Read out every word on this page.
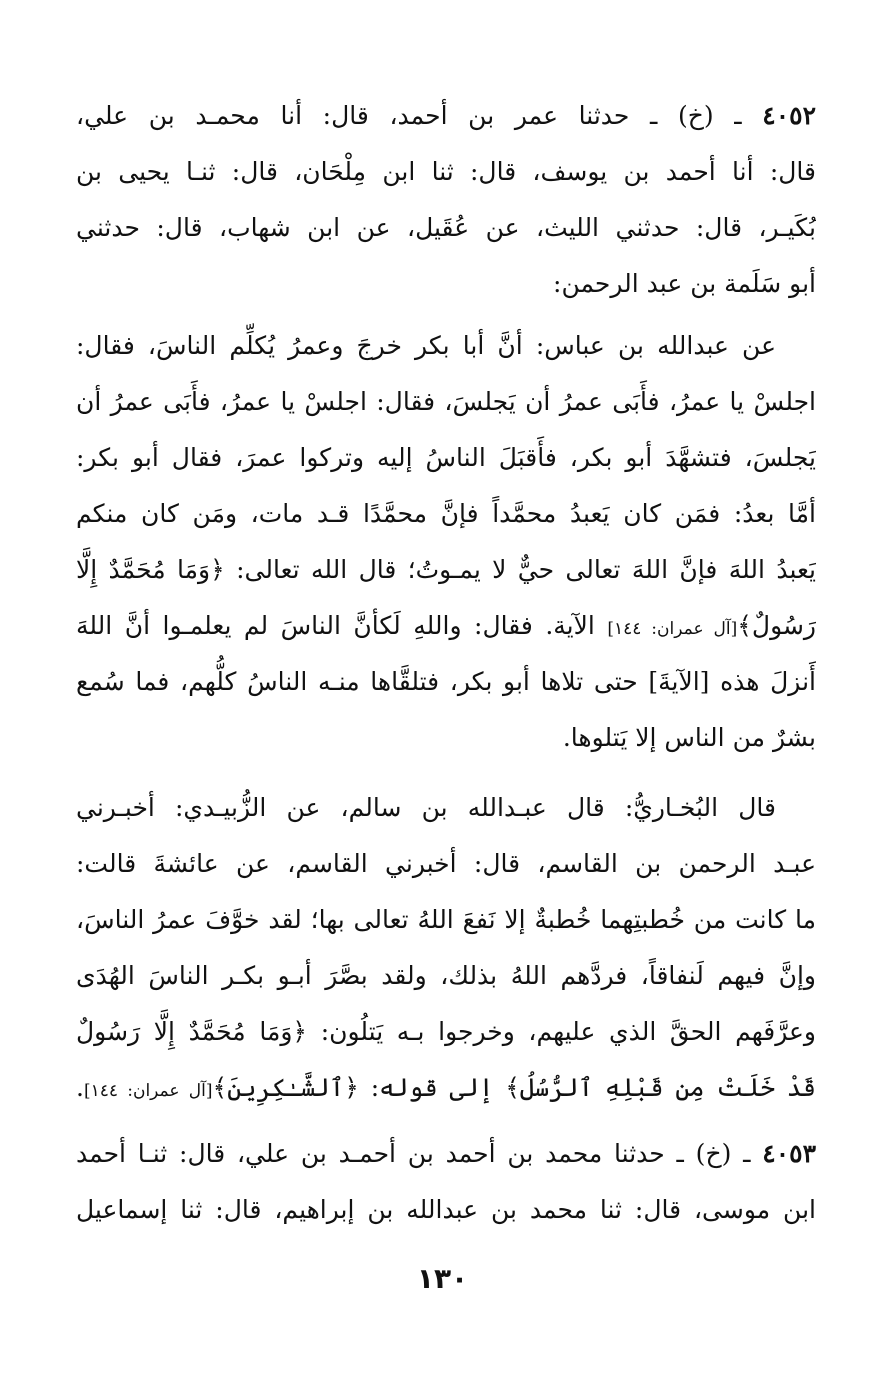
٤٠٥٢ ـ (خ) ـ حدثنا عمر بن أحمد، قال: أنا محمـد بن علي،
قال: أنا أحمد بن يوسف، قال: ثنا ابن مِلْحَان، قال: ثنـا يحيى بن
بُكَيـر، قال: حدثني الليث، عن عُقَيل، عن ابن شهاب، قال: حدثني
أبو سَلَمة بن عبد الرحمن:
عن عبدالله بن عباس: أنَّ أبا بكر خرجَ وعمرُ يُكلِّم الناسَ، فقال:
اجلسْ يا عمرُ، فأَبَى عمرُ أن يَجلسَ، فقال: اجلسْ يا عمرُ، فأَبَى عمرُ أن
يَجلسَ، فتشهَّدَ أبو بكر، فأَقبَلَ الناسُ إليه وتركوا عمرَ، فقال أبو بكر:
أمَّا بعدُ: فمَن كان يَعبدُ محمَّداً فإنَّ محمَّدًا قـد مات، ومَن كان منكم
يَعبدُ اللهَ فإنَّ اللهَ تعالى حيٌّ لا يمـوتُ؛ قال الله تعالى: ﴿وَمَا مُحَمَّدٌ إِلَّا
رَسُولٌ﴾[آل عمران: ١٤٤] الآية. فقال: واللهِ لَكأنَّ الناسَ لم يعلمـوا أنَّ اللهَ
أَنزلَ هذه [الآيةَ] حتى تلاها أبو بكر، فتلقَّاها منـه الناسُ كلُّهم، فما سُمع
بشرٌ من الناس إلا يَتلوها.
قال البُخـاريُّ: قال عبـدالله بن سالم، عن الزُّبيـدي: أخبـرني
عبـد الرحمن بن القاسم، قال: أخبرني القاسم، عن عائشةَ قالت:
ما كانت من خُطبتِهما خُطبةٌ إلا نَفعَ اللهُ تعالى بها؛ لقد خوَّفَ عمرُ الناسَ،
وإنَّ فيهم لَنفاقاً، فردَّهم اللهُ بذلك، ولقد بصَّرَ أبـو بكـر الناسَ الهُدَى
وعرَّفَهم الحقَّ الذي عليهم، وخرجوا بـه يَتلُون: ﴿وَمَا مُحَمَّدٌ إِلَّا رَسُولٌ
قَدْ خَلَتْ مِن قَبْلِهِ ٱلرُّسُلُ﴾ إلى قوله: ﴿ٱلشَّـٰكِرِينَ﴾[آل عمران: ١٤٤].
٤٠٥٣ ـ (خ) ـ حدثنا محمد بن أحمد بن أحمـد بن علي، قال: ثنـا أحمد
ابن موسى، قال: ثنا محمد بن عبدالله بن إبراهيم، قال: ثنا إسماعيل
١٣٠
